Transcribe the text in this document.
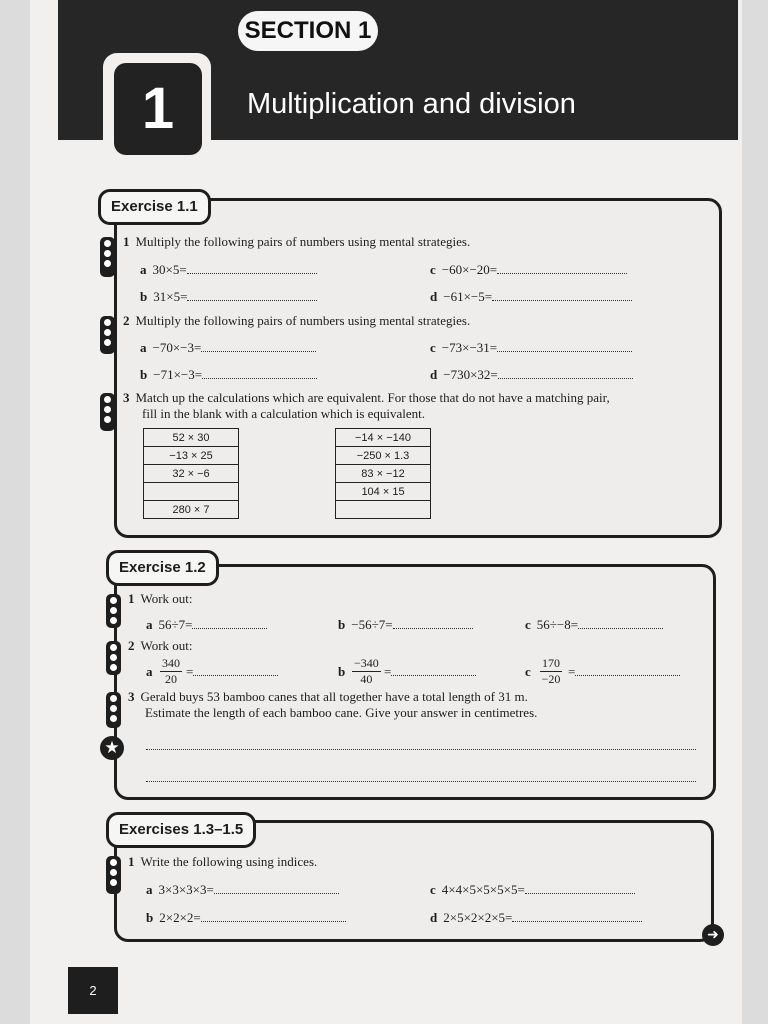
SECTION 1
1	Multiplication and division
Exercise 1.1
1 Multiply the following pairs of numbers using mental strategies.
a 30×5=	c −60×−20=
b 31×5=	d −61×−5=
2 Multiply the following pairs of numbers using mental strategies.
a −70×−3=	c −73×−31=
b −71×−3=	d −730×32=
3 Match up the calculations which are equivalent. For those that do not have a matching pair,
fill in the blank with a calculation which is equivalent.
52 × 30
−13 × 25
32 × −6

280 × 7
−14 × −140
−250 × 1.3
83 × −12
104 × 15

Exercise 1.2
1 Work out:
a 56÷7=	b −56÷7=	c 56÷−8=
2 Work out:
a $\frac{340}{20}$ =	b $\frac{-340}{40}$ =	c $\frac{170}{-20}$ =
3 Gerald buys 53 bamboo canes that all together have a total length of 31 m.
Estimate the length of each bamboo cane. Give your answer in centimetres.
★
Exercises 1.3–1.5
1 Write the following using indices.
a 3×3×3×3=	c 4×4×5×5×5×5=
b 2×2×2=	d 2×5×2×2×5=
➜
2
